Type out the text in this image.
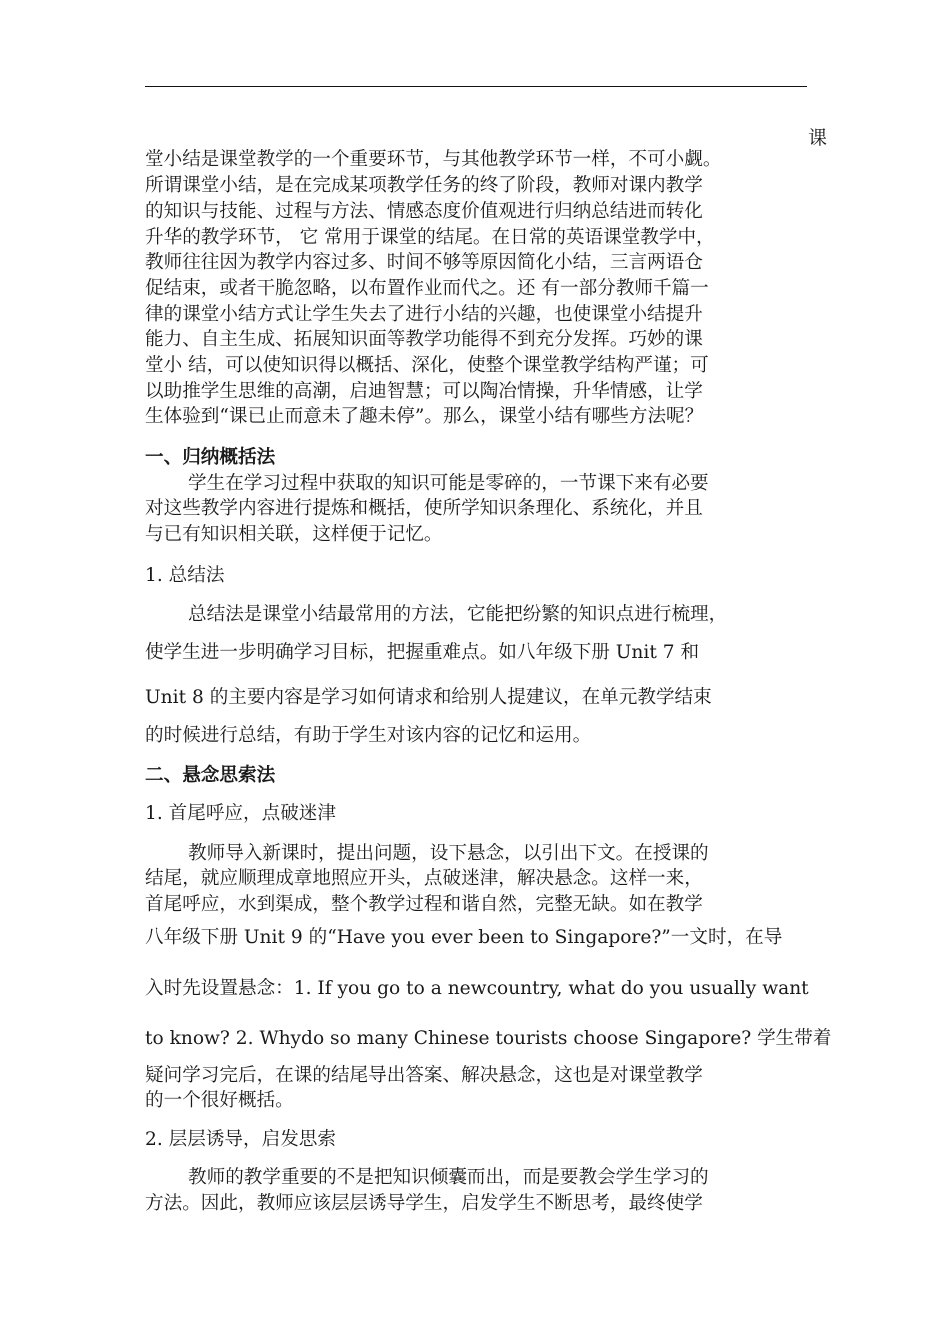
课
堂小结是课堂教学的一个重要环节，与其他教学环节一样，不可小觑。
所谓课堂小结，是在完成某项教学任务的终了阶段，教师对课内教学
的知识与技能、过程与方法、情感态度价值观进行归纳总结进而转化
升华的教学环节， 它 常用于课堂的结尾。在日常的英语课堂教学中，
教师往往因为教学内容过多、时间不够等原因简化小结，三言两语仓
促结束，或者干脆忽略，以布置作业而代之。还 有一部分教师千篇一
律的课堂小结方式让学生失去了进行小结的兴趣，也使课堂小结提升
能力、自主生成、拓展知识面等教学功能得不到充分发挥。巧妙的课
堂小 结，可以使知识得以概括、深化，使整个课堂教学结构严谨；可
以助推学生思维的高潮，启迪智慧；可以陶冶情操，升华情感，让学
生体验到“课已止而意未了趣未停”。那么，课堂小结有哪些方法呢？
一、归纳概括法
学生在学习过程中获取的知识可能是零碎的，一节课下来有必要
对这些教学内容进行提炼和概括，使所学知识条理化、系统化，并且
与已有知识相关联，这样便于记忆。
1. 总结法
总结法是课堂小结最常用的方法，它能把纷繁的知识点进行梳理，
使学生进一步明确学习目标，把握重难点。如八年级下册 Unit 7 和
Unit 8 的主要内容是学习如何请求和给别人提建议，在单元教学结束
的时候进行总结，有助于学生对该内容的记忆和运用。
二、悬念思索法
1. 首尾呼应，点破迷津
教师导入新课时，提出问题，设下悬念，以引出下文。在授课的
结尾，就应顺理成章地照应开头，点破迷津，解决悬念。这样一来，
首尾呼应，水到渠成，整个教学过程和谐自然，完整无缺。如在教学
八年级下册 Unit 9 的“Have you ever been to Singapore?”一文时，在导
入时先设置悬念：1. If you go to a newcountry, what do you usually want
to know? 2. Whydo so many Chinese tourists choose Singapore? 学生带着
疑问学习完后，在课的结尾导出答案、解决悬念，这也是对课堂教学
的一个很好概括。
2. 层层诱导，启发思索
教师的教学重要的不是把知识倾囊而出，而是要教会学生学习的
方法。因此，教师应该层层诱导学生，启发学生不断思考，最终使学
